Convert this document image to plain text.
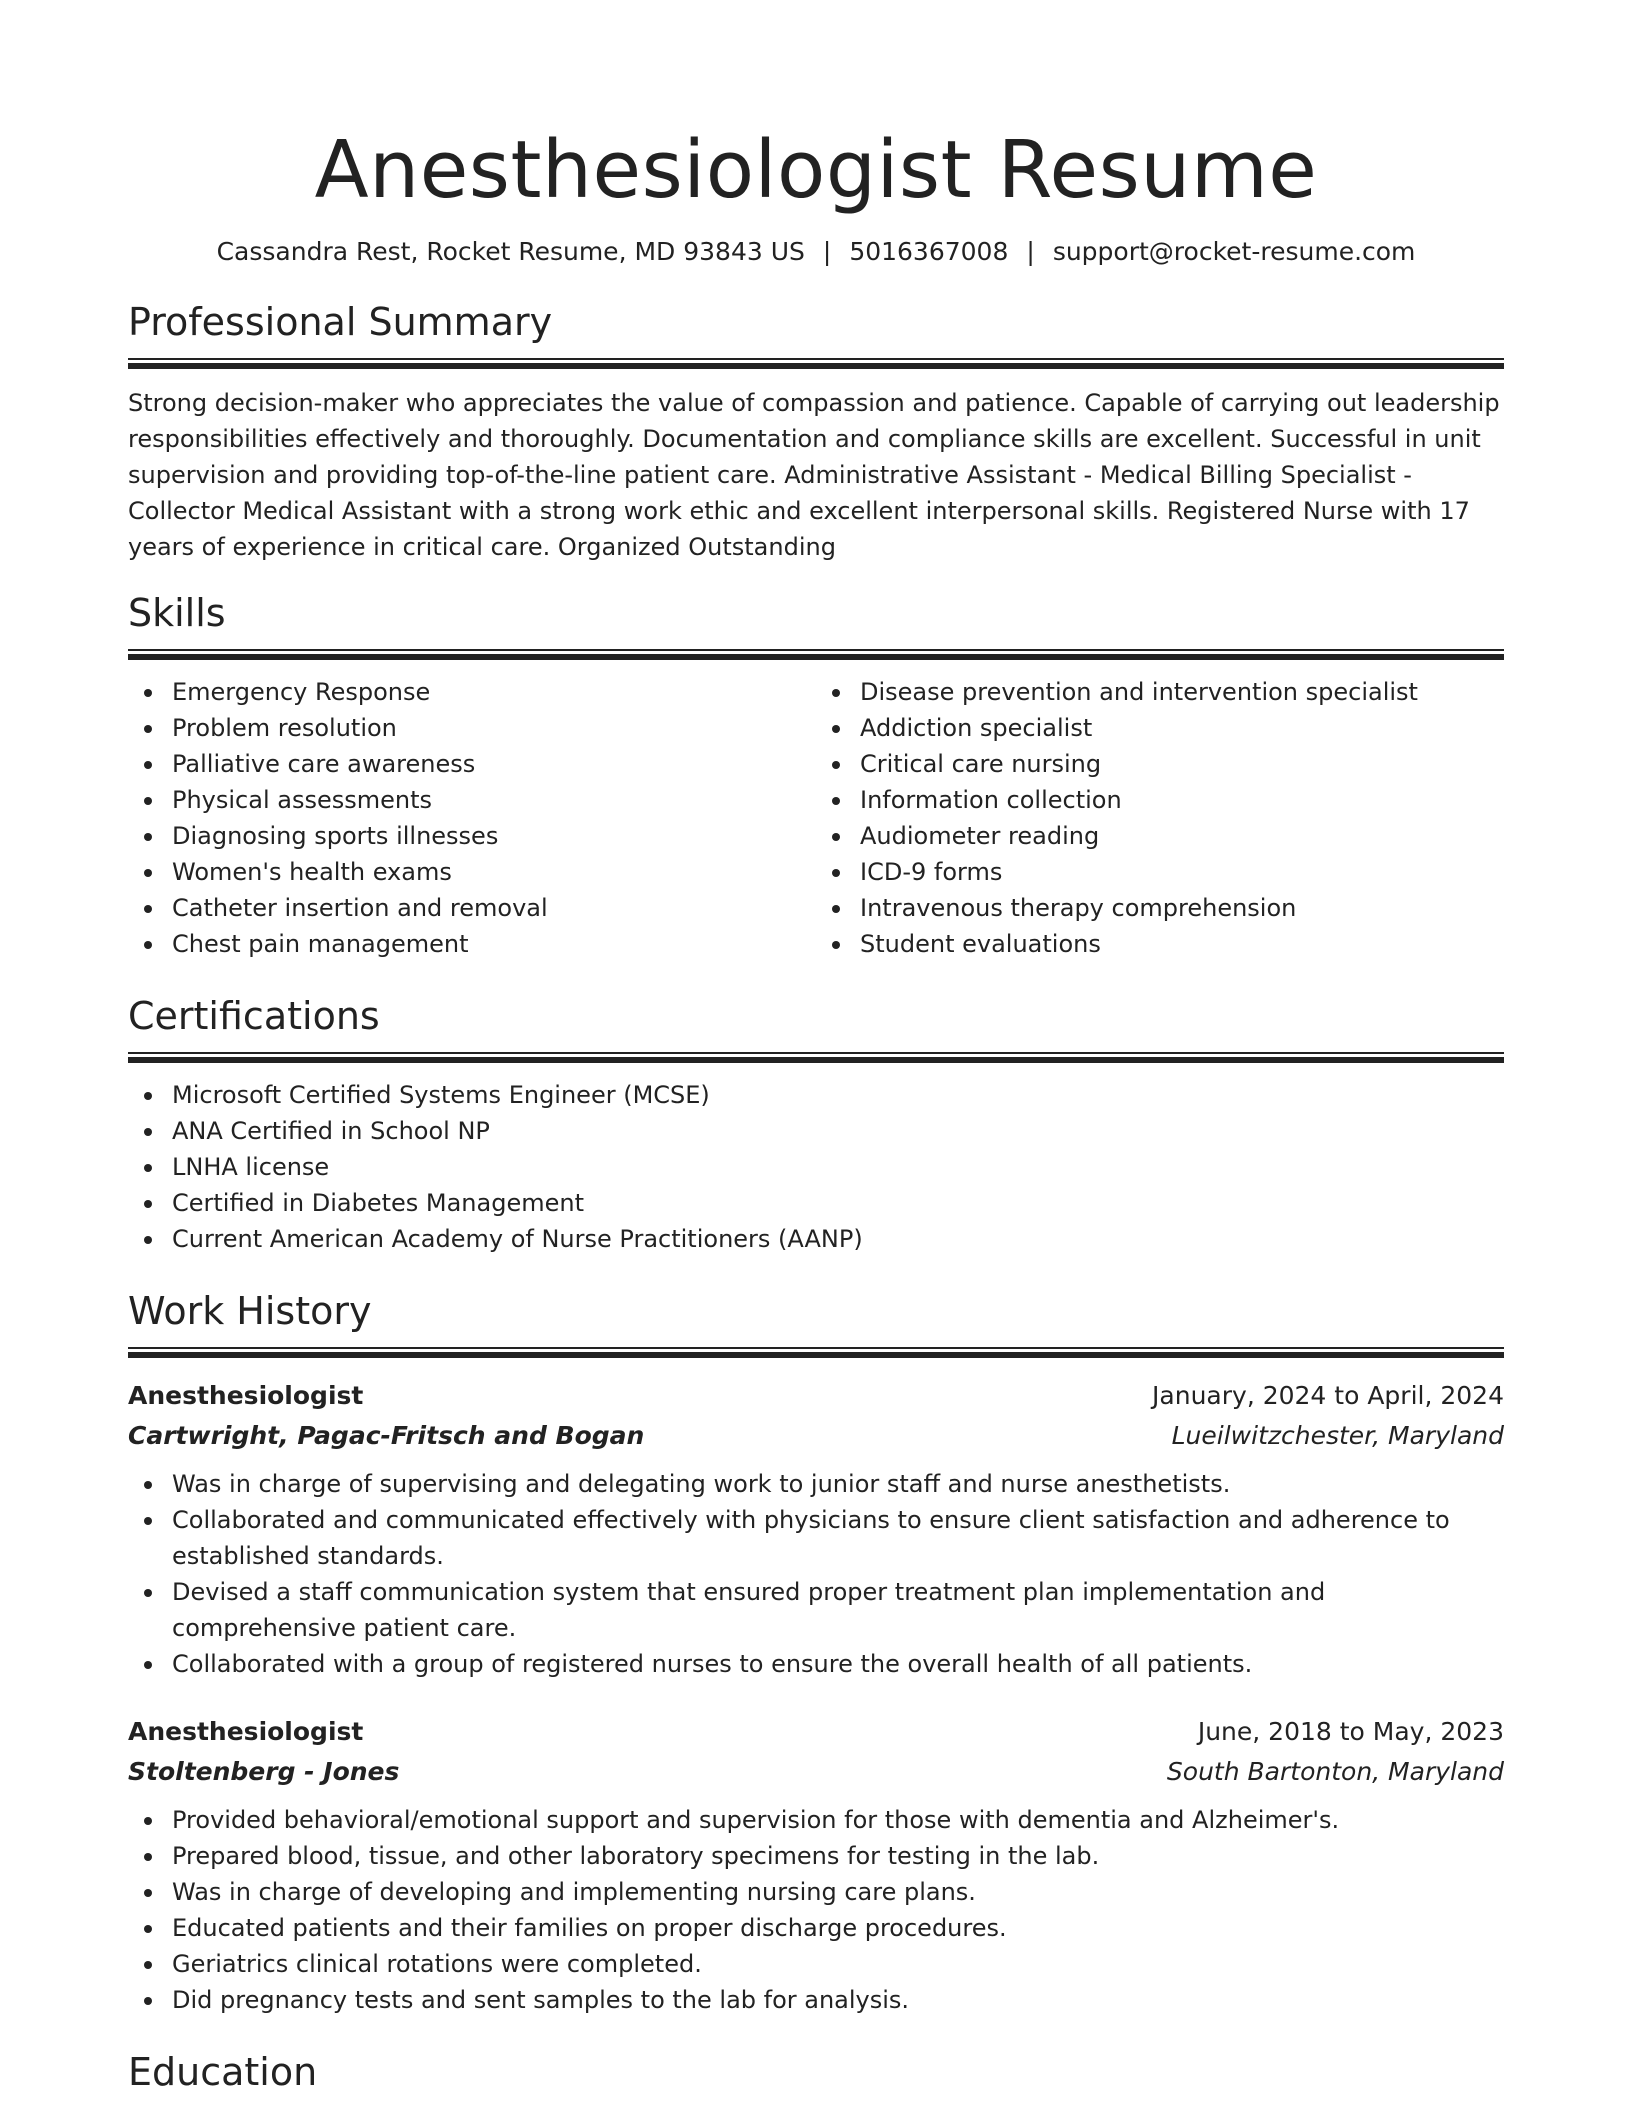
Anesthesiologist Resume
Cassandra Rest, Rocket Resume, MD 93843 US | 5016367008 | support@rocket-resume.com
Professional Summary

Strong decision-maker who appreciates the value of compassion and patience. Capable of carrying out leadership responsibilities effectively and thoroughly. Documentation and compliance skills are excellent. Successful in unit supervision and providing top-of-the-line patient care. Administrative Assistant - Medical Billing Specialist - Collector Medical Assistant with a strong work ethic and excellent interpersonal skills. Registered Nurse with 17 years of experience in critical care. Organized Outstanding

Skills
Emergency Response
Problem resolution
Palliative care awareness
Physical assessments
Diagnosing sports illnesses
Women's health exams
Catheter insertion and removal
Chest pain management
Disease prevention and intervention specialist
Addiction specialist
Critical care nursing
Information collection
Audiometer reading
ICD-9 forms
Intravenous therapy comprehension
Student evaluations
Certifications
Microsoft Certified Systems Engineer (MCSE)
ANA Certified in School NP
LNHA license
Certified in Diabetes Management
Current American Academy of Nurse Practitioners (AANP)
Work History
Anesthesiologist	January, 2024 to April, 2024
Cartwright, Pagac-Fritsch and Bogan	Lueilwitzchester, Maryland
Was in charge of supervising and delegating work to junior staff and nurse anesthetists.
Collaborated and communicated effectively with physicians to ensure client satisfaction and adherence to established standards.
Devised a staff communication system that ensured proper treatment plan implementation and comprehensive patient care.
Collaborated with a group of registered nurses to ensure the overall health of all patients.
Anesthesiologist	June, 2018 to May, 2023
Stoltenberg - Jones	South Bartonton, Maryland
Provided behavioral/emotional support and supervision for those with dementia and Alzheimer's.
Prepared blood, tissue, and other laboratory specimens for testing in the lab.
Was in charge of developing and implementing nursing care plans.
Educated patients and their families on proper discharge procedures.
Geriatrics clinical rotations were completed.
Did pregnancy tests and sent samples to the lab for analysis.
Education
